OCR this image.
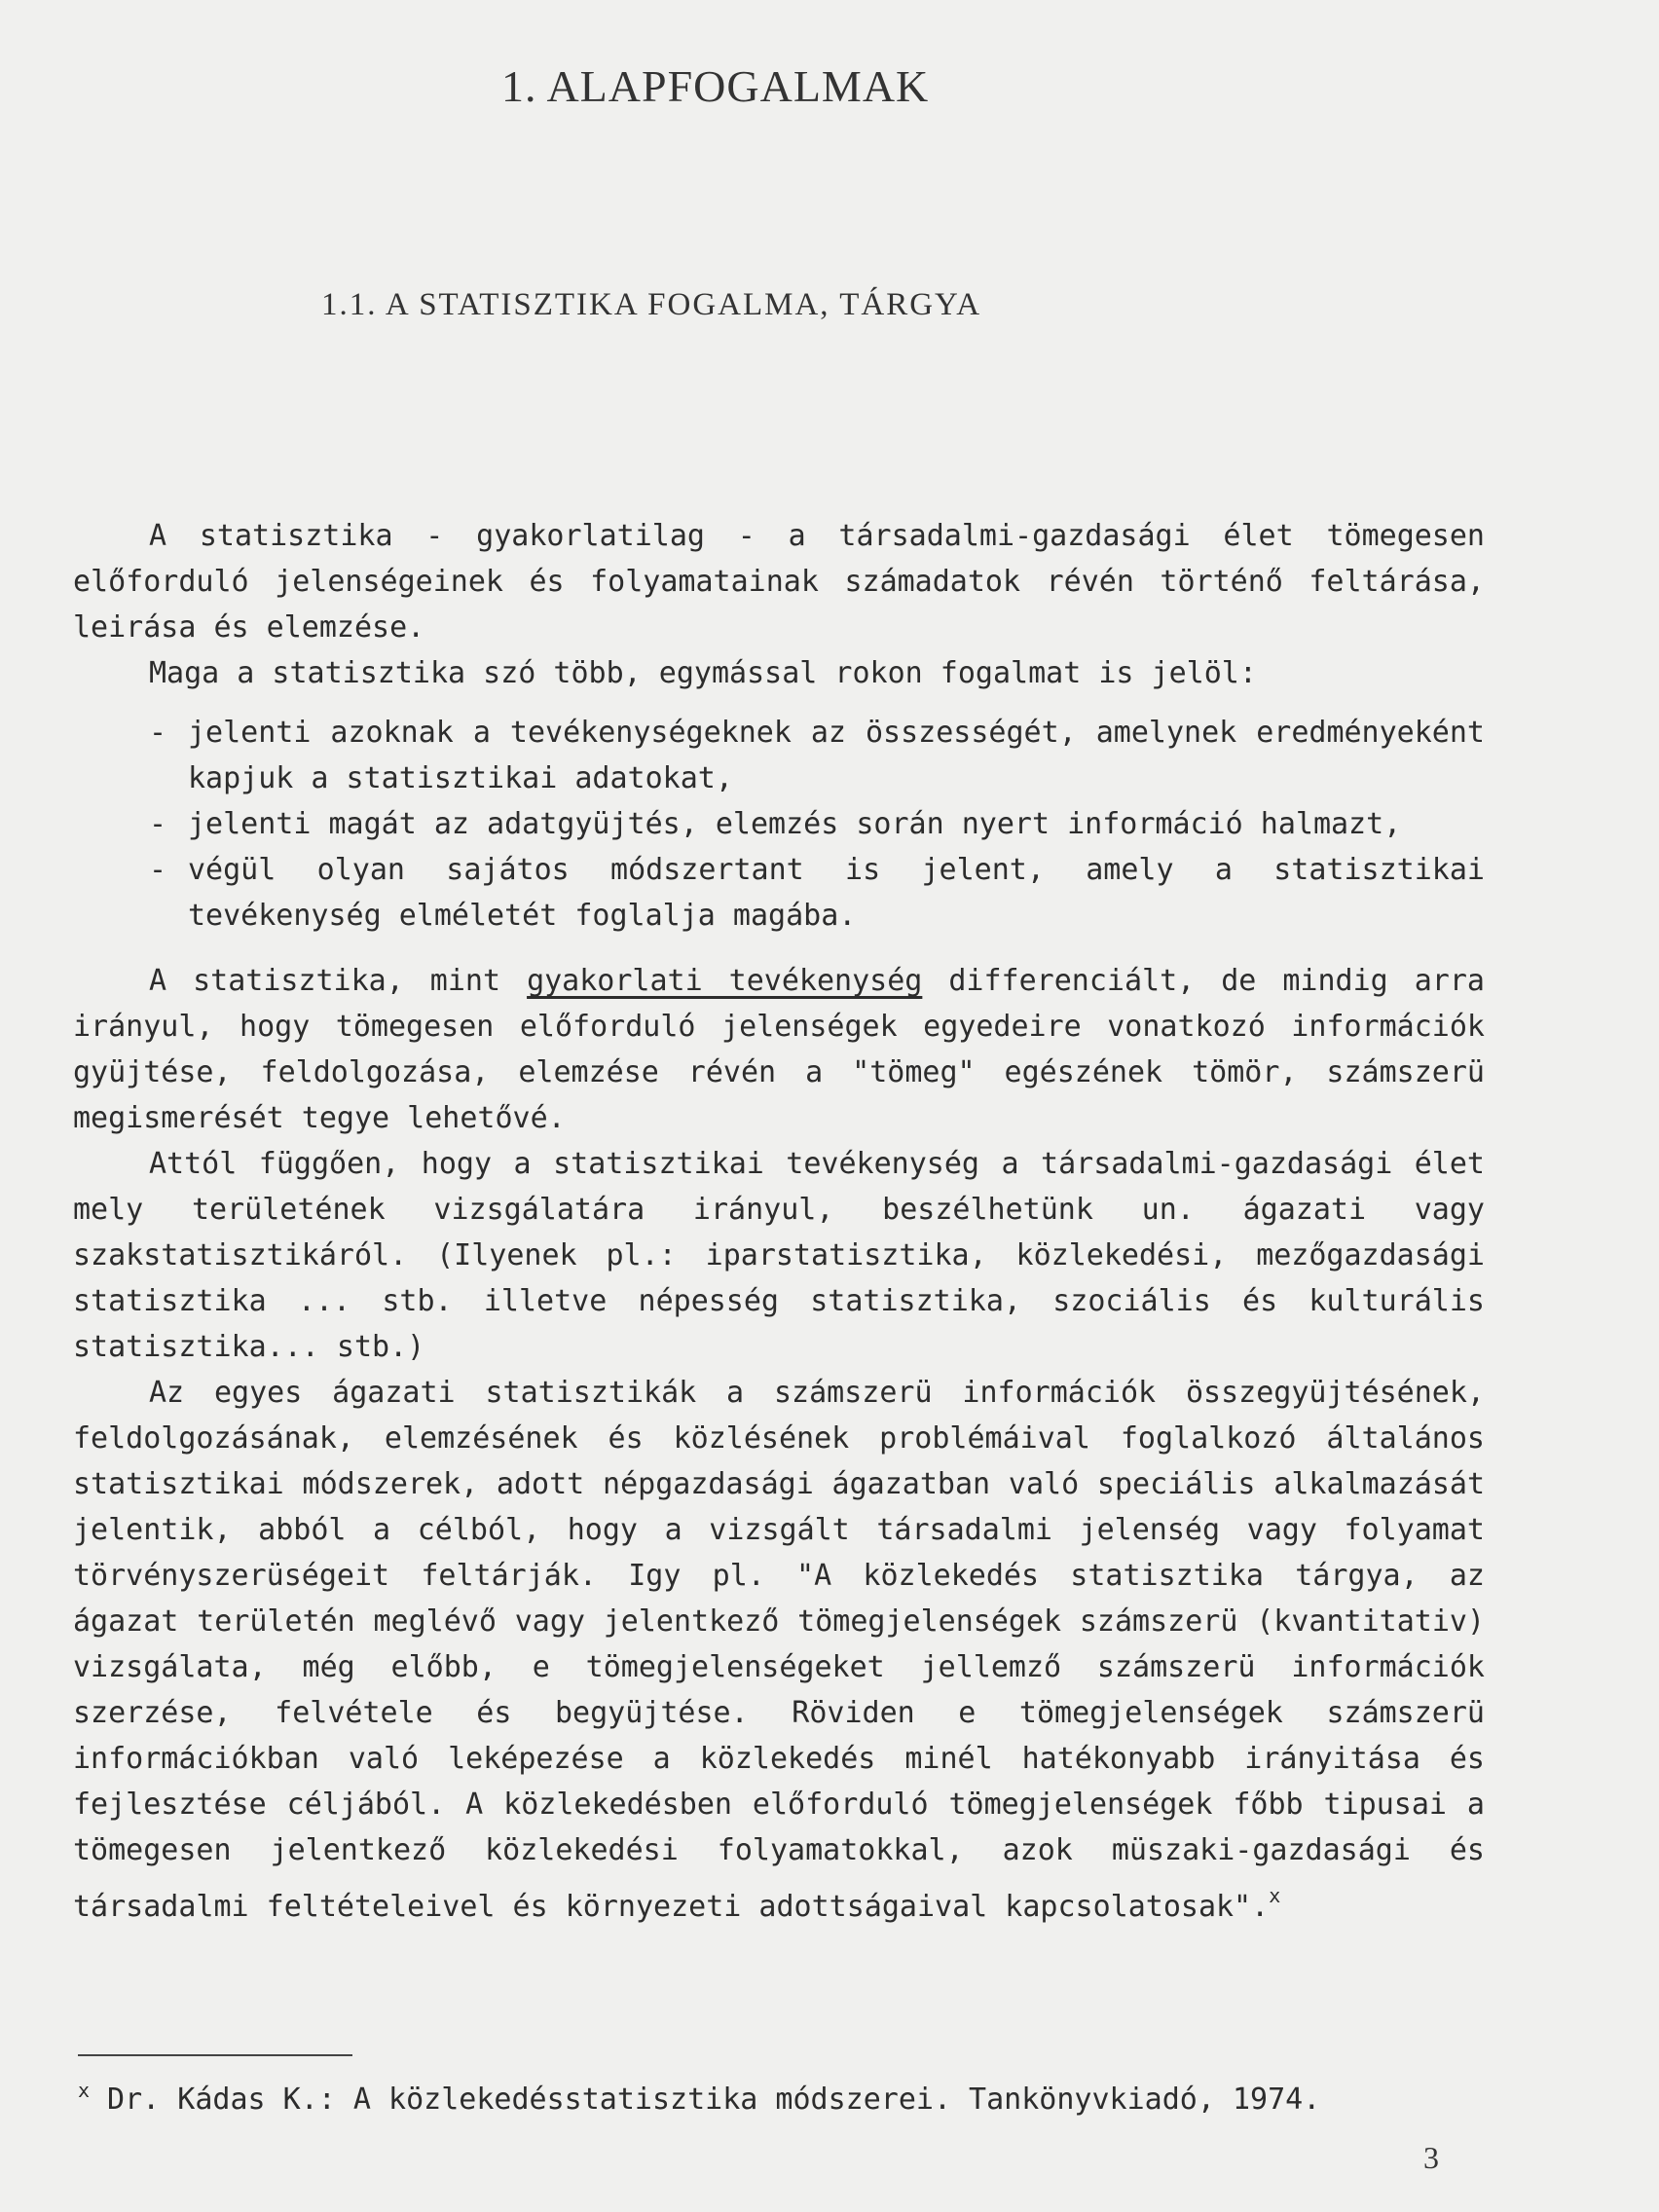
1. ALAPFOGALMAK
1.1. A STATISZTIKA FOGALMA, TÁRGYA

A statisztika - gyakorlatilag - a társadalmi-gazdasági élet tömegesen előforduló jelenségeinek és folyamatainak számadatok révén történő feltárása, leirása és elemzése.

Maga a statisztika szó több, egymással rokon fogalmat is jelöl:

- jelenti azoknak a tevékenységeknek az összességét, amelynek eredményeként kapjuk a statisztikai adatokat,
- jelenti magát az adatgyüjtés, elemzés során nyert információ halmazt,
- végül olyan sajátos módszertant is jelent, amely a statisztikai tevékenység elméletét foglalja magába.

A statisztika, mint gyakorlati tevékenység differenciált, de mindig arra irányul, hogy tömegesen előforduló jelenségek egyedeire vonatkozó információk gyüjtése, feldolgozása, elemzése révén a "tömeg" egészének tömör, számszerü megismerését tegye lehetővé.

Attól függően, hogy a statisztikai tevékenység a társadalmi-gazdasági élet mely területének vizsgálatára irányul, beszélhetünk un. ágazati vagy szakstatisztikáról. (Ilyenek pl.: iparstatisztika, közlekedési, mezőgazdasági statisztika ... stb. illetve népesség statisztika, szociális és kulturális statisztika... stb.)

Az egyes ágazati statisztikák a számszerü információk összegyüjtésének, feldolgozásának, elemzésének és közlésének problémáival foglalkozó általános statisztikai módszerek, adott népgazdasági ágazatban való speciális alkalmazását jelentik, abból a célból, hogy a vizsgált társadalmi jelenség vagy folyamat törvényszerüségeit feltárják. Igy pl. "A közlekedés statisztika tárgya, az ágazat területén meglévő vagy jelentkező tömegjelenségek számszerü (kvantitativ) vizsgálata, még előbb, e tömegjelenségeket jellemző számszerü információk szerzése, felvétele és begyüjtése. Röviden e tömegjelenségek számszerü információkban való leképezése a közlekedés minél hatékonyabb irányitása és fejlesztése céljából. A közlekedésben előforduló tömegjelenségek főbb tipusai a tömegesen jelentkező közlekedési folyamatokkal, azok müszaki-gazdasági és társadalmi feltételeivel és környezeti adottságaival kapcsolatosak".$^x$

$^x$ Dr. Kádas K.: A közlekedésstatisztika módszerei. Tankönyvkiadó, 1974.
3
